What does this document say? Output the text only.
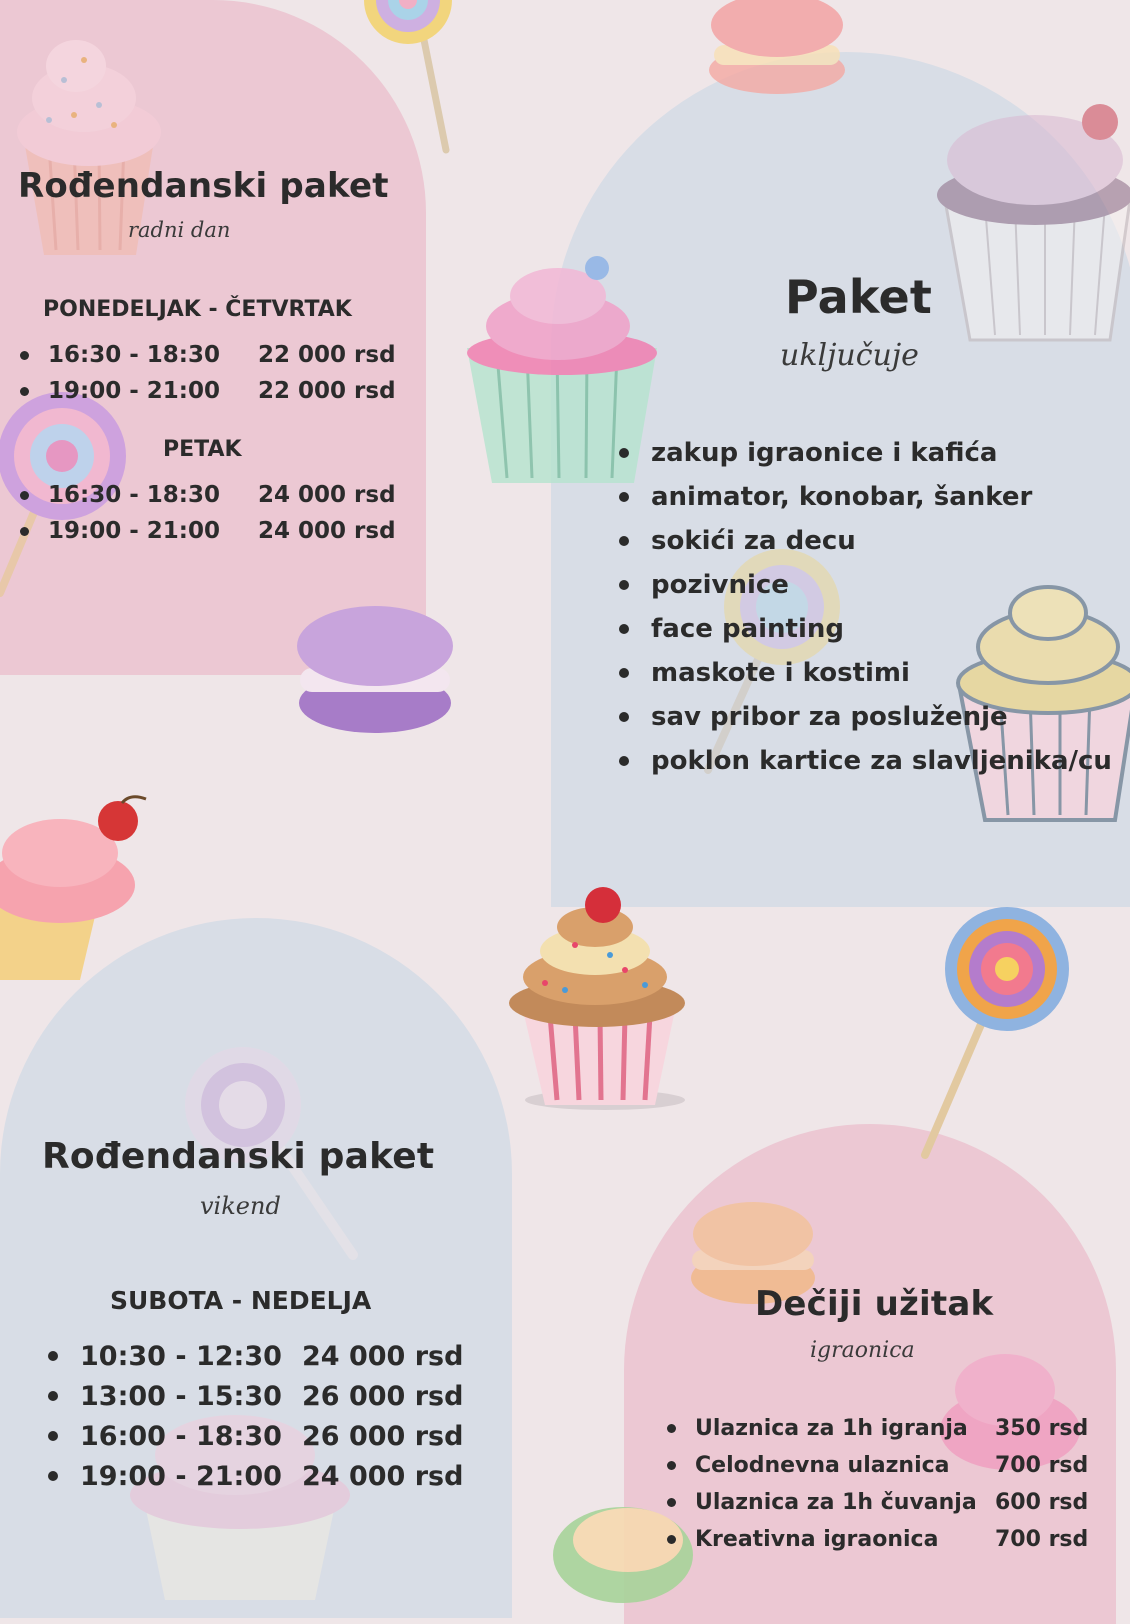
Rođendanski paket

radni dan

PONEDELJAK - ČETVRTAK
16:30 - 18:30	22 000 rsd
19:00 - 21:00	22 000 rsd
PETAK
16:30 - 18:30	24 000 rsd
19:00 - 21:00	24 000 rsd
Paket

uključuje

zakup igraonice i kafića
animator, konobar, šanker
sokići za decu
pozivnice
face painting
maskote i kostimi
sav pribor za posluženje
poklon kartice za slavljenika/cu
Rođendanski paket

vikend

SUBOTA - NEDELJA
10:30 - 12:30 24 000 rsd
13:00 - 15:30 26 000 rsd
16:00 - 18:30 26 000 rsd
19:00 - 21:00 24 000 rsd
Dečiji užitak

igraonica

Ulaznica za 1h igranja	350 rsd
Celodnevna ulaznica	700 rsd
Ulaznica za 1h čuvanja 600 rsd
Kreativna igraonica	700 rsd
